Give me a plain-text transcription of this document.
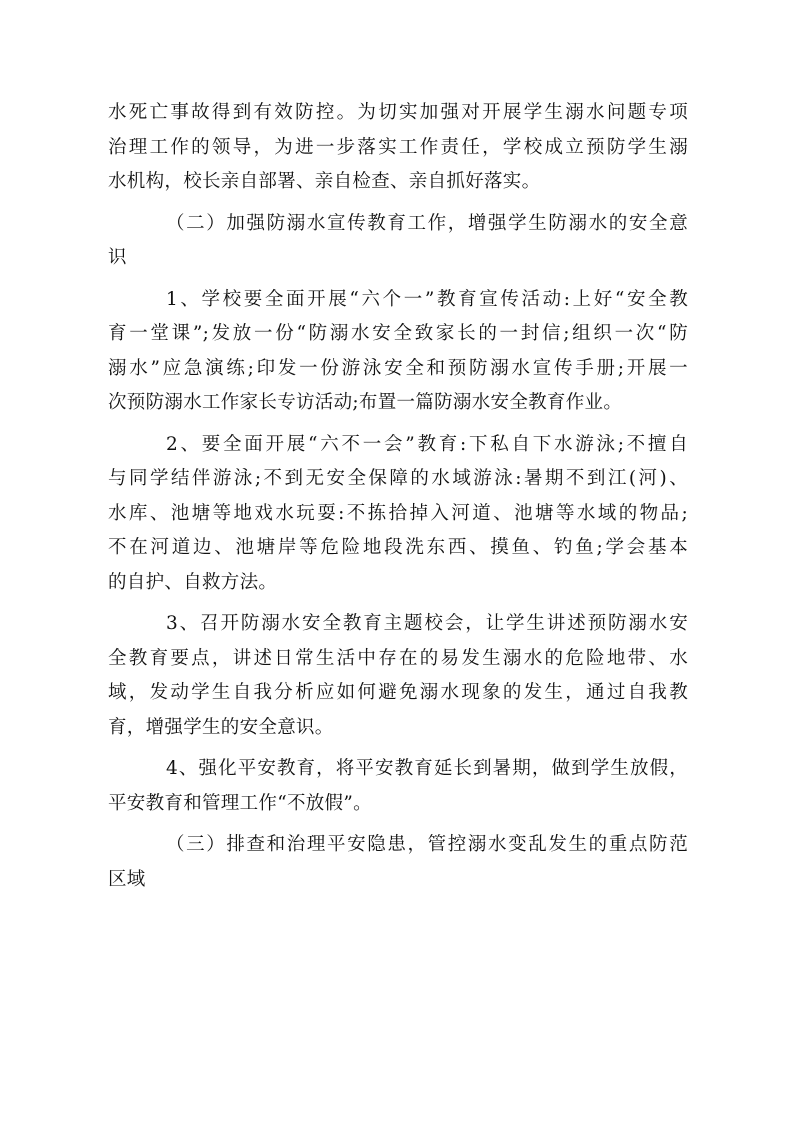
水死亡事故得到有效防控。为切实加强对开展学生溺水问题专项
治理工作的领导，为进一步落实工作责任，学校成立预防学生溺
水机构，校长亲自部署、亲自检查、亲自抓好落实。
（二）加强防溺水宣传教育工作，增强学生防溺水的安全意
识
1、学校要全面开展“六个一”教育宣传活动:上好“安全教
育一堂课”;发放一份“防溺水安全致家长的一封信;组织一次“防
溺水”应急演练;印发一份游泳安全和预防溺水宣传手册;开展一
次预防溺水工作家长专访活动;布置一篇防溺水安全教育作业。
2、要全面开展“六不一会”教育:下私自下水游泳;不擅自
与同学结伴游泳;不到无安全保障的水域游泳:暑期不到江(河)、
水库、池塘等地戏水玩耍:不拣拾掉入河道、池塘等水域的物品;
不在河道边、池塘岸等危险地段洗东西、摸鱼、钓鱼;学会基本
的自护、自救方法。
3、召开防溺水安全教育主题校会，让学生讲述预防溺水安
全教育要点，讲述日常生活中存在的易发生溺水的危险地带、水
域，发动学生自我分析应如何避免溺水现象的发生，通过自我教
育，增强学生的安全意识。
4、强化平安教育，将平安教育延长到暑期，做到学生放假，
平安教育和管理工作“不放假”。
（三）排查和治理平安隐患，管控溺水变乱发生的重点防范
区域
